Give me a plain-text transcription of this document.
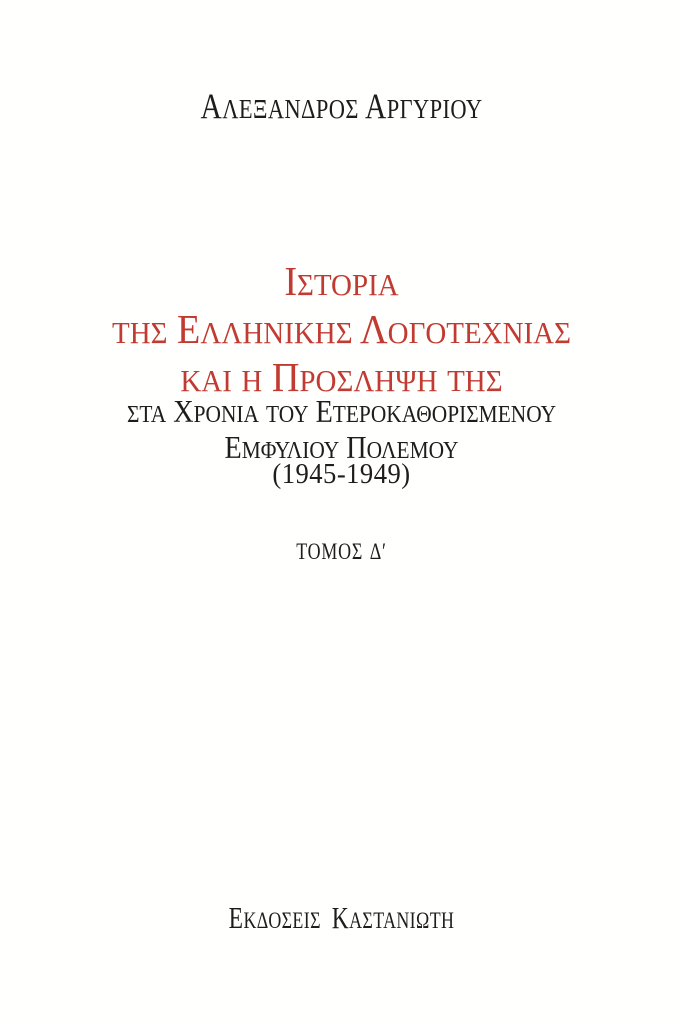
ΑΛΕΞΑΝΔΡΟΣ ΑΡΓΥΡΙΟΥ
ΙΣΤΟΡΙΑ
ΤΗΣ ΕΛΛΗΝΙΚΗΣ ΛΟΓΟΤΕΧΝΙΑΣ
ΚΑΙ Η ΠΡΟΣΛΗΨΗ ΤΗΣ
ΣΤΑ ΧΡΟΝΙΑ ΤΟΥ ΕΤΕΡΟΚΑΘΟΡΙΣΜΕΝΟΥ
ΕΜΦΥΛΙΟΥ ΠΟΛΕΜΟΥ
(1945-1949)
ΤΟΜΟΣ Δ′
ΕΚΔΟΣΕΙΣ ΚΑΣΤΑΝΙΩΤΗ
